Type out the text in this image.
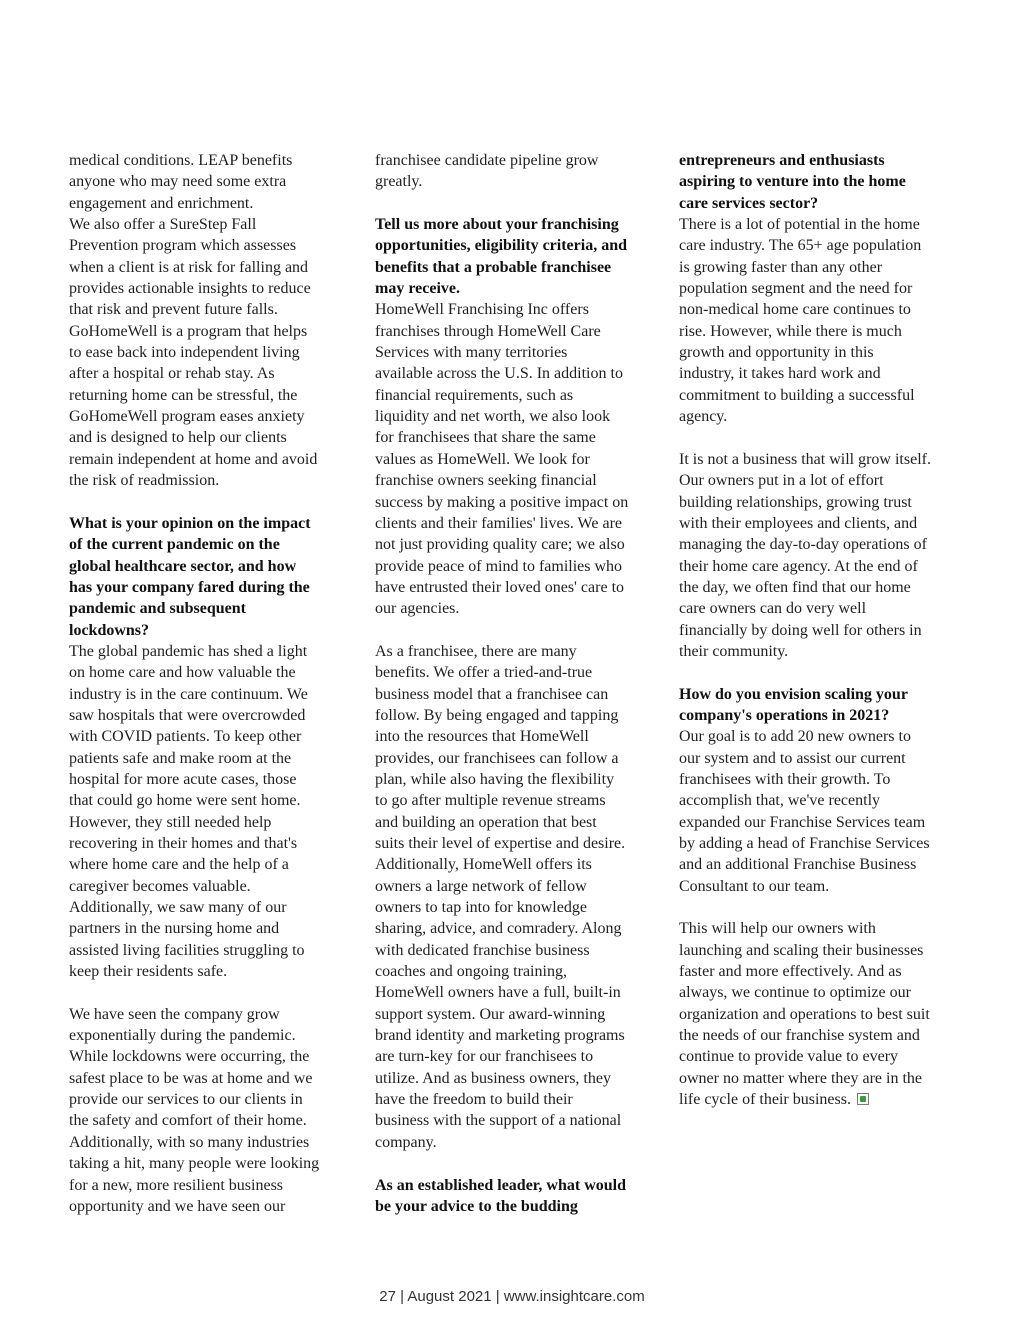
medical conditions. LEAP benefits
anyone who may need some extra
engagement and enrichment.

We also offer a SureStep Fall
Prevention program which assesses
when a client is at risk for falling and
provides actionable insights to reduce
that risk and prevent future falls.
GoHomeWell is a program that helps
to ease back into independent living
after a hospital or rehab stay. As
returning home can be stressful, the
GoHomeWell program eases anxiety
and is designed to help our clients
remain independent at home and avoid
the risk of readmission.

What is your opinion on the impact
of the current pandemic on the
global healthcare sector, and how
has your company fared during the
pandemic and subsequent
lockdowns?

The global pandemic has shed a light
on home care and how valuable the
industry is in the care continuum. We
saw hospitals that were overcrowded
with COVID patients. To keep other
patients safe and make room at the
hospital for more acute cases, those
that could go home were sent home.
However, they still needed help
recovering in their homes and that's
where home care and the help of a
caregiver becomes valuable.
Additionally, we saw many of our
partners in the nursing home and
assisted living facilities struggling to
keep their residents safe.

We have seen the company grow
exponentially during the pandemic.
While lockdowns were occurring, the
safest place to be was at home and we
provide our services to our clients in
the safety and comfort of their home.
Additionally, with so many industries
taking a hit, many people were looking
for a new, more resilient business
opportunity and we have seen our

franchisee candidate pipeline grow
greatly.

Tell us more about your franchising
opportunities, eligibility criteria, and
benefits that a probable franchisee
may receive.

HomeWell Franchising Inc offers
franchises through HomeWell Care
Services with many territories
available across the U.S. In addition to
financial requirements, such as
liquidity and net worth, we also look
for franchisees that share the same
values as HomeWell. We look for
franchise owners seeking financial
success by making a positive impact on
clients and their families' lives. We are
not just providing quality care; we also
provide peace of mind to families who
have entrusted their loved ones' care to
our agencies.

As a franchisee, there are many
benefits. We offer a tried-and-true
business model that a franchisee can
follow. By being engaged and tapping
into the resources that HomeWell
provides, our franchisees can follow a
plan, while also having the flexibility
to go after multiple revenue streams
and building an operation that best
suits their level of expertise and desire.
Additionally, HomeWell offers its
owners a large network of fellow
owners to tap into for knowledge
sharing, advice, and comradery. Along
with dedicated franchise business
coaches and ongoing training,
HomeWell owners have a full, built-in
support system. Our award-winning
brand identity and marketing programs
are turn-key for our franchisees to
utilize. And as business owners, they
have the freedom to build their
business with the support of a national
company.

As an established leader, what would
be your advice to the budding

entrepreneurs and enthusiasts
aspiring to venture into the home
care services sector?

There is a lot of potential in the home
care industry. The 65+ age population
is growing faster than any other
population segment and the need for
non-medical home care continues to
rise. However, while there is much
growth and opportunity in this
industry, it takes hard work and
commitment to building a successful
agency.

It is not a business that will grow itself.
Our owners put in a lot of effort
building relationships, growing trust
with their employees and clients, and
managing the day-to-day operations of
their home care agency. At the end of
the day, we often find that our home
care owners can do very well
financially by doing well for others in
their community.

How do you envision scaling your
company's operations in 2021?

Our goal is to add 20 new owners to
our system and to assist our current
franchisees with their growth. To
accomplish that, we've recently
expanded our Franchise Services team
by adding a head of Franchise Services
and an additional Franchise Business
Consultant to our team.

This will help our owners with
launching and scaling their businesses
faster and more effectively. And as
always, we continue to optimize our
organization and operations to best suit
the needs of our franchise system and
continue to provide value to every
owner no matter where they are in the
life cycle of their business.

27 | August 2021 | www.insightcare.com
